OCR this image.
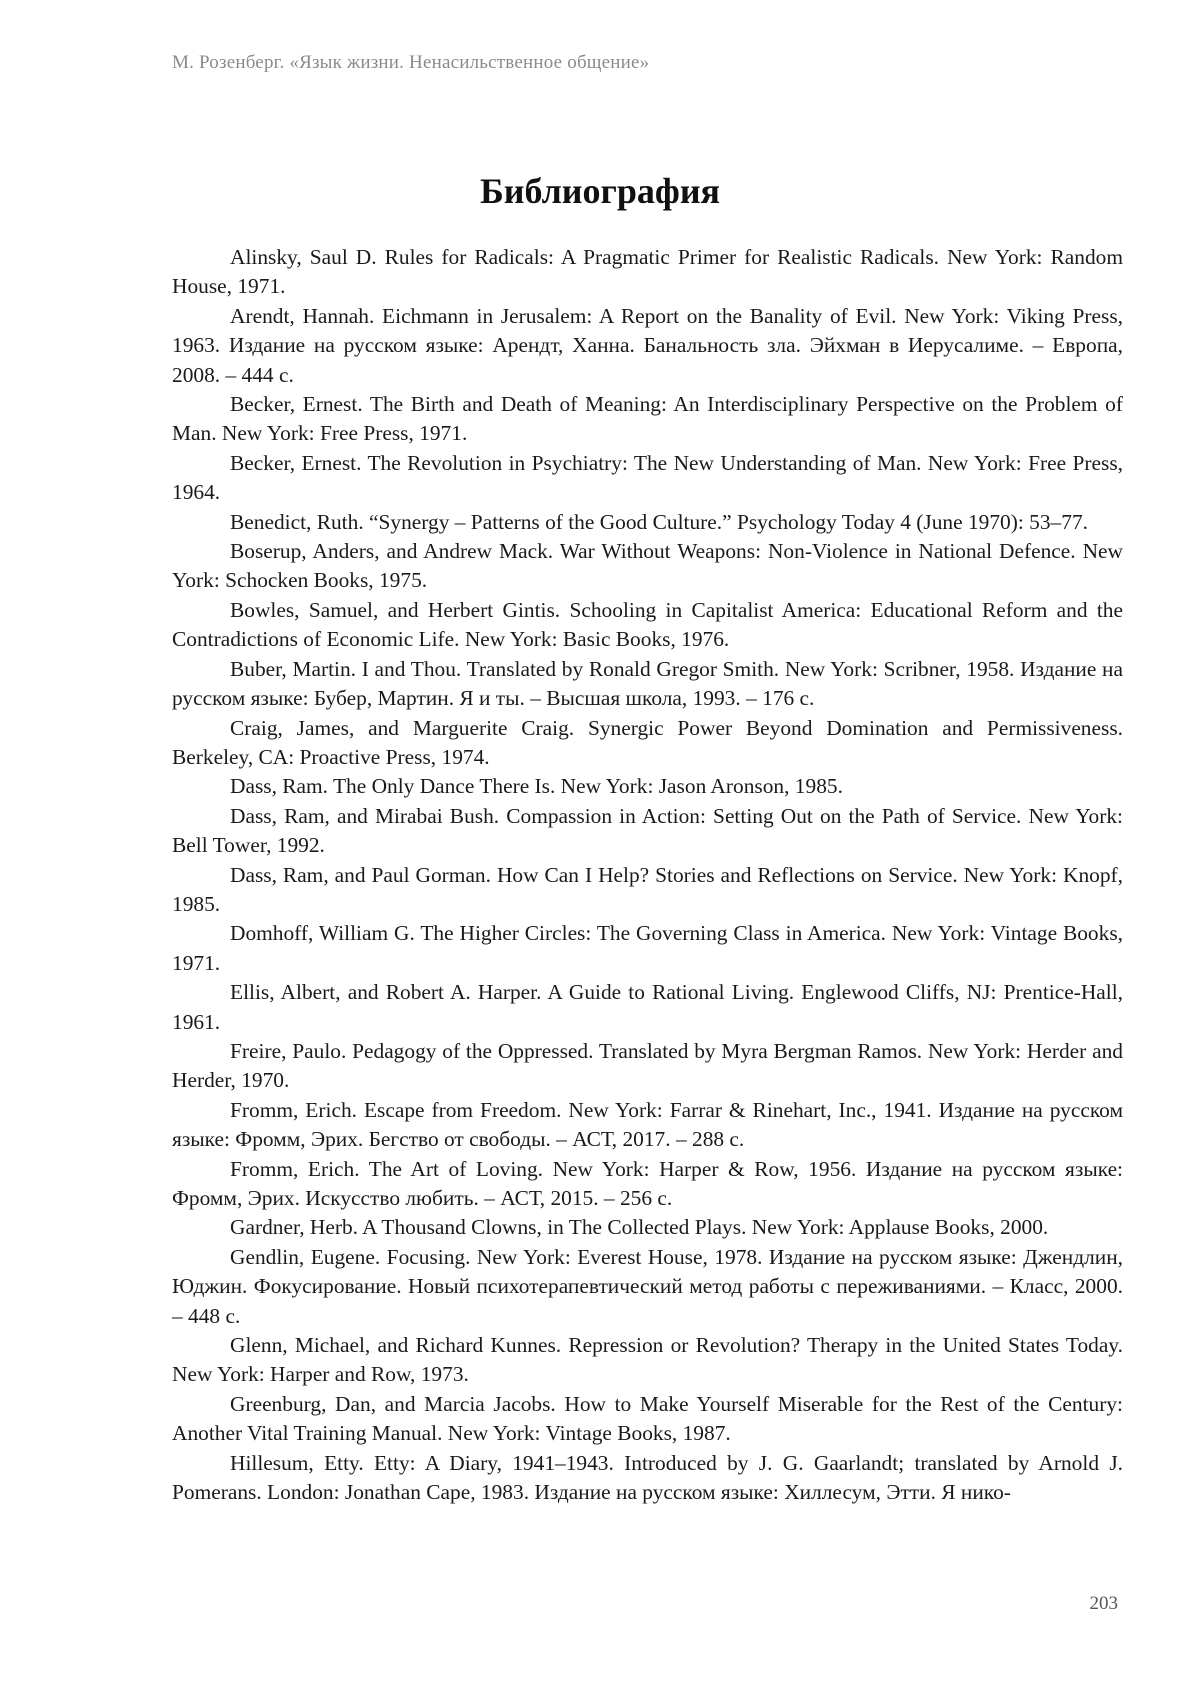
М. Розенберг. «Язык жизни. Ненасильственное общение»
Библиография

Alinsky, Saul D. Rules for Radicals: A Pragmatic Primer for Realistic Radicals. New York: Random House, 1971.

Arendt, Hannah. Eichmann in Jerusalem: A Report on the Banality of Evil. New York: Viking Press, 1963. Издание на русском языке: Арендт, Ханна. Банальность зла. Эйхман в Иерусалиме. – Европа, 2008. – 444 с.

Becker, Ernest. The Birth and Death of Meaning: An Interdisciplinary Perspective on the Problem of Man. New York: Free Press, 1971.

Becker, Ernest. The Revolution in Psychiatry: The New Understanding of Man. New York: Free Press, 1964.

Benedict, Ruth. “Synergy – Patterns of the Good Culture.” Psychology Today 4 (June 1970): 53–77.

Boserup, Anders, and Andrew Mack. War Without Weapons: Non-Violence in National Defence. New York: Schocken Books, 1975.

Bowles, Samuel, and Herbert Gintis. Schooling in Capitalist America: Educational Reform and the Contradictions of Economic Life. New York: Basic Books, 1976.

Buber, Martin. I and Thou. Translated by Ronald Gregor Smith. New York: Scribner, 1958. Издание на русском языке: Бубер, Мартин. Я и ты. – Высшая школа, 1993. – 176 с.

Craig, James, and Marguerite Craig. Synergic Power Beyond Domination and Permissiveness. Berkeley, CA: Proactive Press, 1974.

Dass, Ram. The Only Dance There Is. New York: Jason Aronson, 1985.

Dass, Ram, and Mirabai Bush. Compassion in Action: Setting Out on the Path of Service. New York: Bell Tower, 1992.

Dass, Ram, and Paul Gorman. How Can I Help? Stories and Reflections on Service. New York: Knopf, 1985.

Domhoff, William G. The Higher Circles: The Governing Class in America. New York: Vintage Books, 1971.

Ellis, Albert, and Robert A. Harper. A Guide to Rational Living. Englewood Cliffs, NJ: Prentice-Hall, 1961.

Freire, Paulo. Pedagogy of the Oppressed. Translated by Myra Bergman Ramos. New York: Herder and Herder, 1970.

Fromm, Erich. Escape from Freedom. New York: Farrar & Rinehart, Inc., 1941. Издание на русском языке: Фромм, Эрих. Бегство от свободы. – АСТ, 2017. – 288 с.

Fromm, Erich. The Art of Loving. New York: Harper & Row, 1956. Издание на русском языке: Фромм, Эрих. Искусство любить. – АСТ, 2015. – 256 с.

Gardner, Herb. A Thousand Clowns, in The Collected Plays. New York: Applause Books, 2000.

Gendlin, Eugene. Focusing. New York: Everest House, 1978. Издание на русском языке: Джендлин, Юджин. Фокусирование. Новый психотерапевтический метод работы с переживаниями. – Класс, 2000. – 448 с.

Glenn, Michael, and Richard Kunnes. Repression or Revolution? Therapy in the United States Today. New York: Harper and Row, 1973.

Greenburg, Dan, and Marcia Jacobs. How to Make Yourself Miserable for the Rest of the Century: Another Vital Training Manual. New York: Vintage Books, 1987.

Hillesum, Etty. Etty: A Diary, 1941–1943. Introduced by J. G. Gaarlandt; translated by Arnold J. Pomerans. London: Jonathan Cape, 1983. Издание на русском языке: Хиллесум, Этти. Я нико-

203
